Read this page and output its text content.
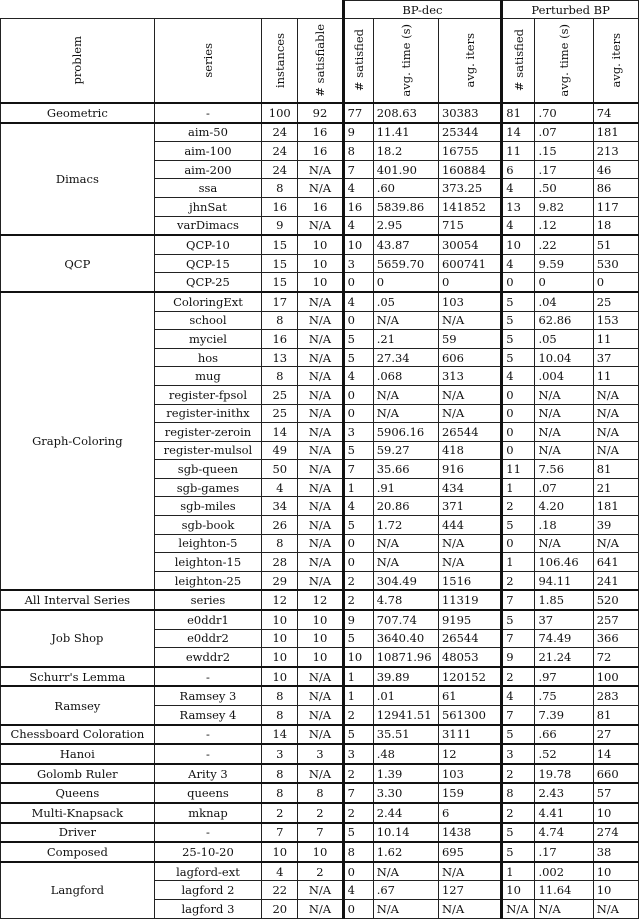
				BP-dec			Perturbed BP		

problem	series	instances	# satisfiable	# satisfied	avg. time (s)	avg. iters	# satisfied	avg. time (s)	avg. iters

Geometric	-	100	92	77	208.63	30383	81	.70	74
Dimacs	aim-50	24	16	9	11.41	25344	14	.07	181
	aim-100	24	16	8	18.2	16755	11	.15	213
	aim-200	24	N/A	7	401.90	160884	6	.17	46
	ssa	8	N/A	4	.60	373.25	4	.50	86
	jhnSat	16	16	16	5839.86	141852	13	9.82	117
	varDimacs	9	N/A	4	2.95	715	4	.12	18
QCP	QCP-10	15	10	10	43.87	30054	10	.22	51
	QCP-15	15	10	3	5659.70	600741	4	9.59	530
	QCP-25	15	10	0	0	0	0	0	0
Graph-Coloring	ColoringExt	17	N/A	4	.05	103	5	.04	25
	school	8	N/A	0	N/A	N/A	5	62.86	153
	myciel	16	N/A	5	.21	59	5	.05	11
	hos	13	N/A	5	27.34	606	5	10.04	37
	mug	8	N/A	4	.068	313	4	.004	11
	register-fpsol	25	N/A	0	N/A	N/A	0	N/A	N/A
	register-inithx	25	N/A	0	N/A	N/A	0	N/A	N/A
	register-zeroin	14	N/A	3	5906.16	26544	0	N/A	N/A
	register-mulsol	49	N/A	5	59.27	418	0	N/A	N/A
	sgb-queen	50	N/A	7	35.66	916	11	7.56	81
	sgb-games	4	N/A	1	.91	434	1	.07	21
	sgb-miles	34	N/A	4	20.86	371	2	4.20	181
	sgb-book	26	N/A	5	1.72	444	5	.18	39
	leighton-5	8	N/A	0	N/A	N/A	0	N/A	N/A
	leighton-15	28	N/A	0	N/A	N/A	1	106.46	641
	leighton-25	29	N/A	2	304.49	1516	2	94.11	241
All Interval Series	series	12	12	2	4.78	11319	7	1.85	520
Job Shop	e0ddr1	10	10	9	707.74	9195	5	37	257
	e0ddr2	10	10	5	3640.40	26544	7	74.49	366
	ewddr2	10	10	10	10871.96	48053	9	21.24	72
Schurr's Lemma	-	10	N/A	1	39.89	120152	2	.97	100
Ramsey	Ramsey 3	8	N/A	1	.01	61	4	.75	283
	Ramsey 4	8	N/A	2	12941.51	561300	7	7.39	81
Chessboard Coloration	-	14	N/A	5	35.51	3111	5	.66	27
Hanoi	-	3	3	3	.48	12	3	.52	14
Golomb Ruler	Arity 3	8	N/A	2	1.39	103	2	19.78	660
Queens	queens	8	8	7	3.30	159	8	2.43	57
Multi-Knapsack	mknap	2	2	2	2.44	6	2	4.41	10
Driver	-	7	7	5	10.14	1438	5	4.74	274
Composed	25-10-20	10	10	8	1.62	695	5	.17	38
Langford	lagford-ext	4	2	0	N/A	N/A	1	.002	10
	lagford 2	22	N/A	4	.67	127	10	11.64	10
	lagford 3	20	N/A	0	N/A	N/A	N/A	N/A	N/A
